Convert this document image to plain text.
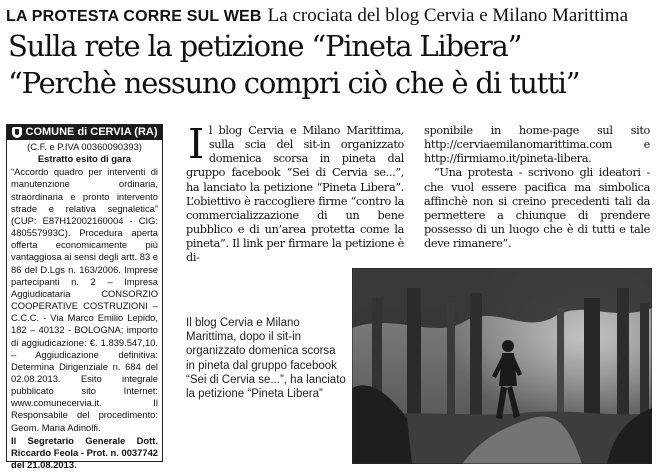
LA PROTESTA CORRE SUL WEB La crociata del blog Cervia e Milano Marittima
Sulla rete la petizione “Pineta Libera”
“Perchè nessuno compri ciò che è di tutti”
COMUNE di CERVIA (RA)
(C.F. e P.IVA 00360090393)
Estratto esito di gara
“Accordo quadro per interventi di manutenzione ordinaria, straordinaria e pronto intervento strade e relativa segnaletica” (CUP: E87H12002160004 - CIG: 480557993C). Procedura aperta offerta economicamente più vantaggiosa ai sensi degli artt. 83 e 86 del D.Lgs n. 163/2006. Imprese partecipanti n. 2 – Impresa Aggiudicataria CONSORZIO COOPERATIVE COSTRUZIONI – C.C.C. - Via Marco Emilio Lepido, 182 – 40132 - BOLOGNA; importo di aggiudicazione: €. 1.839.547,10. – Aggiudicazione definitiva: Determina Dirigenziale n. 684 del 02.08.2013. Esito integrale pubblicato sito Internet: www.comunecervia.it. Il Responsabile del procedimento: Geom. Maria Adinolfi.
Il Segretario Generale Dott. Riccardo Feola - Prot. n. 0037742 del 21.08.2013.

Il blog Cervia e Milano Marittima, sulla scia del sit-in organizzato domenica scorsa in pineta dal gruppo facebook “Sei di Cervia se...”, ha lanciato la petizione “Pineta Libera”. L’obiettivo è raccogliere firme “contro la commercializzazione di un bene pubblico e di un’area protetta come la pineta”. Il link per firmare la petizione è di-

sponibile in home-page sul sito http://cerviaemilanomarittima.com e http://firmiamo.it/pineta-libera.

“Una protesta - scrivono gli ideatori - che vuol essere pacifica ma simbolica affinchè non si creino precedenti tali da permettere a chiunque di prendere possesso di un luogo che è di tutti e tale deve rimanere”.

Il blog Cervia e Milano Marittima, dopo il sit-in organizzato domenica scorsa in pineta dal gruppo facebook “Sei di Cervia se...”, ha lanciato la petizione “Pineta Libera”
